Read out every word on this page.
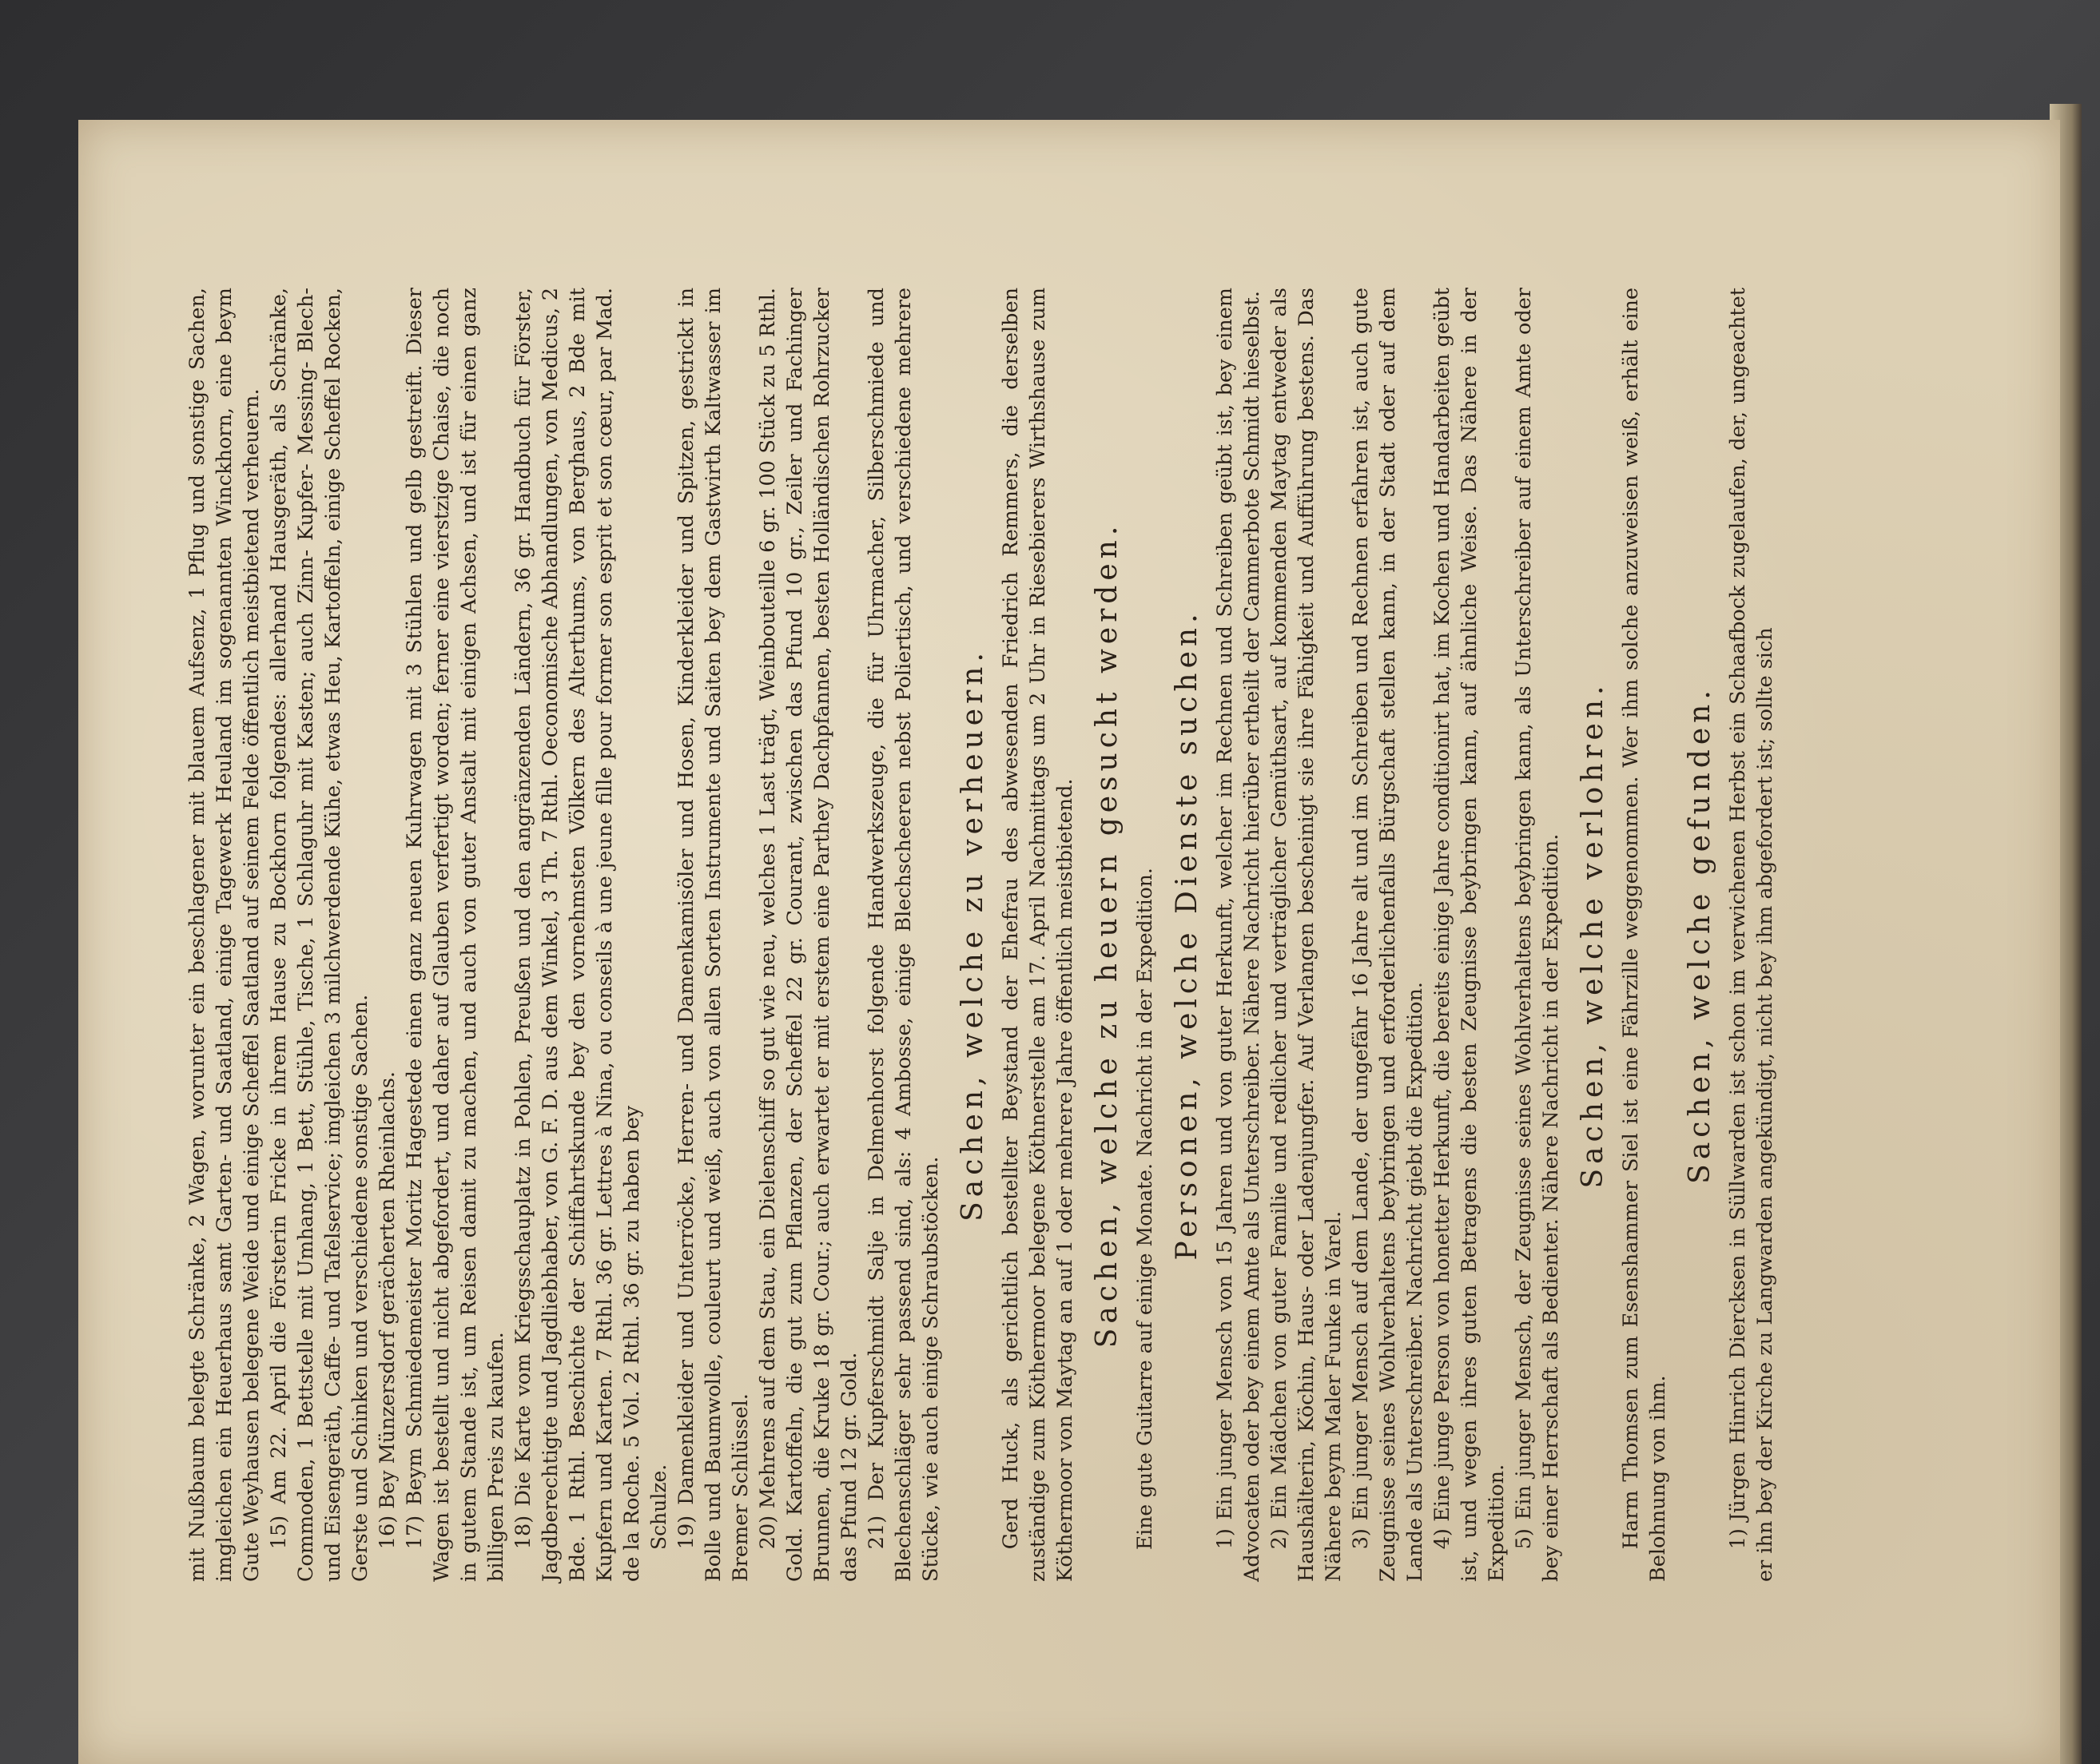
mit Nußbaum belegte Schränke, 2 Wagen, worunter ein beschlagener mit blauem Aufsenz, 1 Pflug und sonstige Sachen, imgleichen ein Heuerhaus samt Garten- und Saatland, einige Tagewerk Heuland im sogenannten Winckhorn, eine beym Gute Weyhausen belegene Weide und einige Scheffel Saatland auf seinem Felde öffentlich meistbietend verheuern. 15) Am 22. April die Försterin Fricke in ihrem Hause zu Bockhorn folgendes: allerhand Hausgeräth, als Schränke, Commoden, 1 Bettstelle mit Umhang, 1 Bett, Stühle, Tische, 1 Schlaguhr mit Kasten; auch Zinn- Kupfer- Messing- Blech- und Eisengeräth, Caffe- und Tafelservice; imgleichen 3 milchwerdende Kühe, etwas Heu, Kartoffeln, einige Scheffel Rocken, Gerste und Schinken und verschiedene sonstige Sachen. 16) Bey Münzersdorf gerächerten Rheinlachs. 17) Beym Schmiedemeister Moritz Hagestede einen ganz neuen Kuhrwagen mit 3 Stühlen und gelb gestreift. Dieser Wagen ist bestellt und nicht abgefordert, und daher auf Glauben verfertigt worden; ferner eine vierstzige Chaise, die noch in gutem Stande ist, um Reisen damit zu machen, und auch von guter Anstalt mit einigen Achsen, und ist für einen ganz billigen Preis zu kaufen. 18) Die Karte vom Kriegsschauplatz in Pohlen, Preußen und den angränzenden Ländern, 36 gr. Handbuch für Förster, Jagdberechtigte und Jagdliebhaber, von G. F. D. aus dem Winkel, 3 Th. 7 Rthl. Oeconomische Abhandlungen, von Medicus, 2 Bde. 1 Rthl. Beschichte der Schiffahrtskunde bey den vornehmsten Völkern des Alterthums, von Berghaus, 2 Bde mit Kupfern und Karten. 7 Rthl. 36 gr. Lettres à Nina, ou conseils à une jeune fille pour former son esprit et son cœur, par Mad. de la Roche. 5 Vol. 2 Rthl. 36 gr. zu haben bey Schulze. 19) Damenkleider und Unterröcke, Herren- und Damenkamisöler und Hosen, Kinderkleider und Spitzen, gestrickt in Bolle und Baumwolle, couleurt und weiß, auch von allen Sorten Instrumente und Saiten bey dem Gastwirth Kaltwasser im Bremer Schlüssel. 20) Mehrens auf dem Stau, ein Dielenschiff so gut wie neu, welches 1 Last trägt, Weinbouteille 6 gr. 100 Stück zu 5 Rthl. Gold. Kartoffeln, die gut zum Pflanzen, der Scheffel 22 gr. Courant, zwischen das Pfund 10 gr., Zeiler und Fachinger Brunnen, die Kruke 18 gr. Cour.; auch erwartet er mit erstem eine Parthey Dachpfannen, besten Holländischen Rohrzucker das Pfund 12 gr. Gold. 21) Der Kupferschmidt Salje in Delmenhorst folgende Handwerkszeuge, die für Uhrmacher, Silberschmiede und Blechenschläger sehr passend sind, als: 4 Ambosse, einige Blechscheeren nebst Poliertisch, und verschiedene mehrere Stücke, wie auch einige Schraubstöcken.

Sachen, welche zu verheuern. Gerd Huck, als gerichtlich bestellter Beystand der Ehefrau des abwesenden Friedrich Remmers, die derselben zuständige zum Köthermoor belegene Köthnerstelle am 17. April Nachmittags um 2 Uhr in Riesebierers Wirthshause zum Köthermoor von Maytag an auf 1 oder mehrere Jahre öffentlich meistbietend. Sachen, welche zu heuern gesucht werden. Eine gute Guitarre auf einige Monate. Nachricht in der Expedition. Personen, welche Dienste suchen. 1) Ein junger Mensch von 15 Jahren und von guter Herkunft, welcher im Rechnen und Schreiben geübt ist, bey einem Advocaten oder bey einem Amte als Unterschreiber. Nähere Nachricht hierüber ertheilt der Cammerbote Schmidt hieselbst. 2) Ein Mädchen von guter Familie und redlicher und verträglicher Gemüthsart, auf kommenden Maytag entweder als Haushälterin, Köchin, Haus- oder Ladenjungfer. Auf Verlangen bescheinigt sie ihre Fähigkeit und Aufführung bestens. Das Nähere beym Maler Funke in Varel. 3) Ein junger Mensch auf dem Lande, der ungefähr 16 Jahre alt und im Schreiben und Rechnen erfahren ist, auch gute Zeugnisse seines Wohlverhaltens beybringen und erforderlichenfalls Bürgschaft stellen kann, in der Stadt oder auf dem Lande als Unterschreiber. Nachricht giebt die Expedition. 4) Eine junge Person von honetter Herkunft, die bereits einige Jahre conditionirt hat, im Kochen und Handarbeiten geübt ist, und wegen ihres guten Betragens die besten Zeugnisse beybringen kann, auf ähnliche Weise. Das Nähere in der Expedition. 5) Ein junger Mensch, der Zeugnisse seines Wohlverhaltens beybringen kann, als Unterschreiber auf einem Amte oder bey einer Herrschaft als Bedienter. Nähere Nachricht in der Expedition. Sachen, welche verlohren. Harm Thomsen zum Esenshammer Siel ist eine Fährzille weggenommen. Wer ihm solche anzuweisen weiß, erhält eine Belohnung von ihm.

Sachen, welche gefunden. 1) Jürgen Hinrich Diercksen in Süllwarden ist schon im verwichenen Herbst ein Schaafbock zugelaufen, der, ungeachtet er ihn bey der Kirche zu Langwarden angekündigt, nicht bey ihm abgefordert ist; sollte sich
